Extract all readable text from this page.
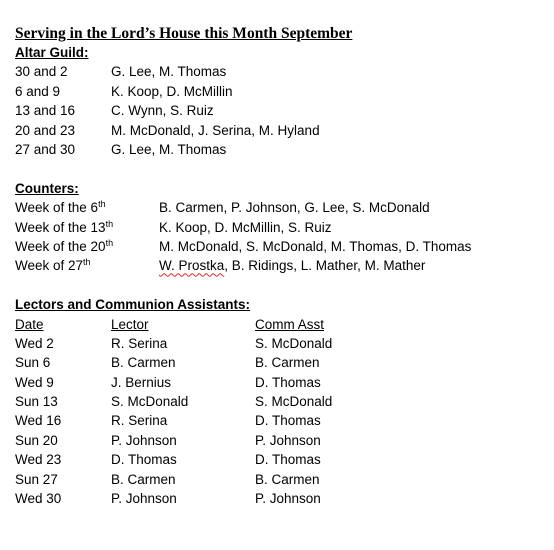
Serving in the Lord’s House this Month September
Altar Guild:
30 and 2	G. Lee, M. Thomas
6 and 9	K. Koop, D. McMillin
13 and 16	C. Wynn, S. Ruiz
20 and 23	M. McDonald, J. Serina, M. Hyland
27 and 30	G. Lee, M. Thomas
Counters:
Week of the 6th	B. Carmen, P. Johnson, G. Lee, S. McDonald
Week of the 13th	K. Koop, D. McMillin, S. Ruiz
Week of the 20th	M. McDonald, S. McDonald, M. Thomas, D. Thomas
Week of 27th	W. Prostka, B. Ridings, L. Mather, M. Mather
Lectors and Communion Assistants:
Date	Lector	Comm Asst
Wed 2	R. Serina	S. McDonald
Sun 6	B. Carmen	B. Carmen
Wed 9	J. Bernius	D. Thomas
Sun 13	S. McDonald	S. McDonald
Wed 16	R. Serina	D. Thomas
Sun 20	P. Johnson	P. Johnson
Wed 23	D. Thomas	D. Thomas
Sun 27	B. Carmen	B. Carmen
Wed 30	P. Johnson	P. Johnson
